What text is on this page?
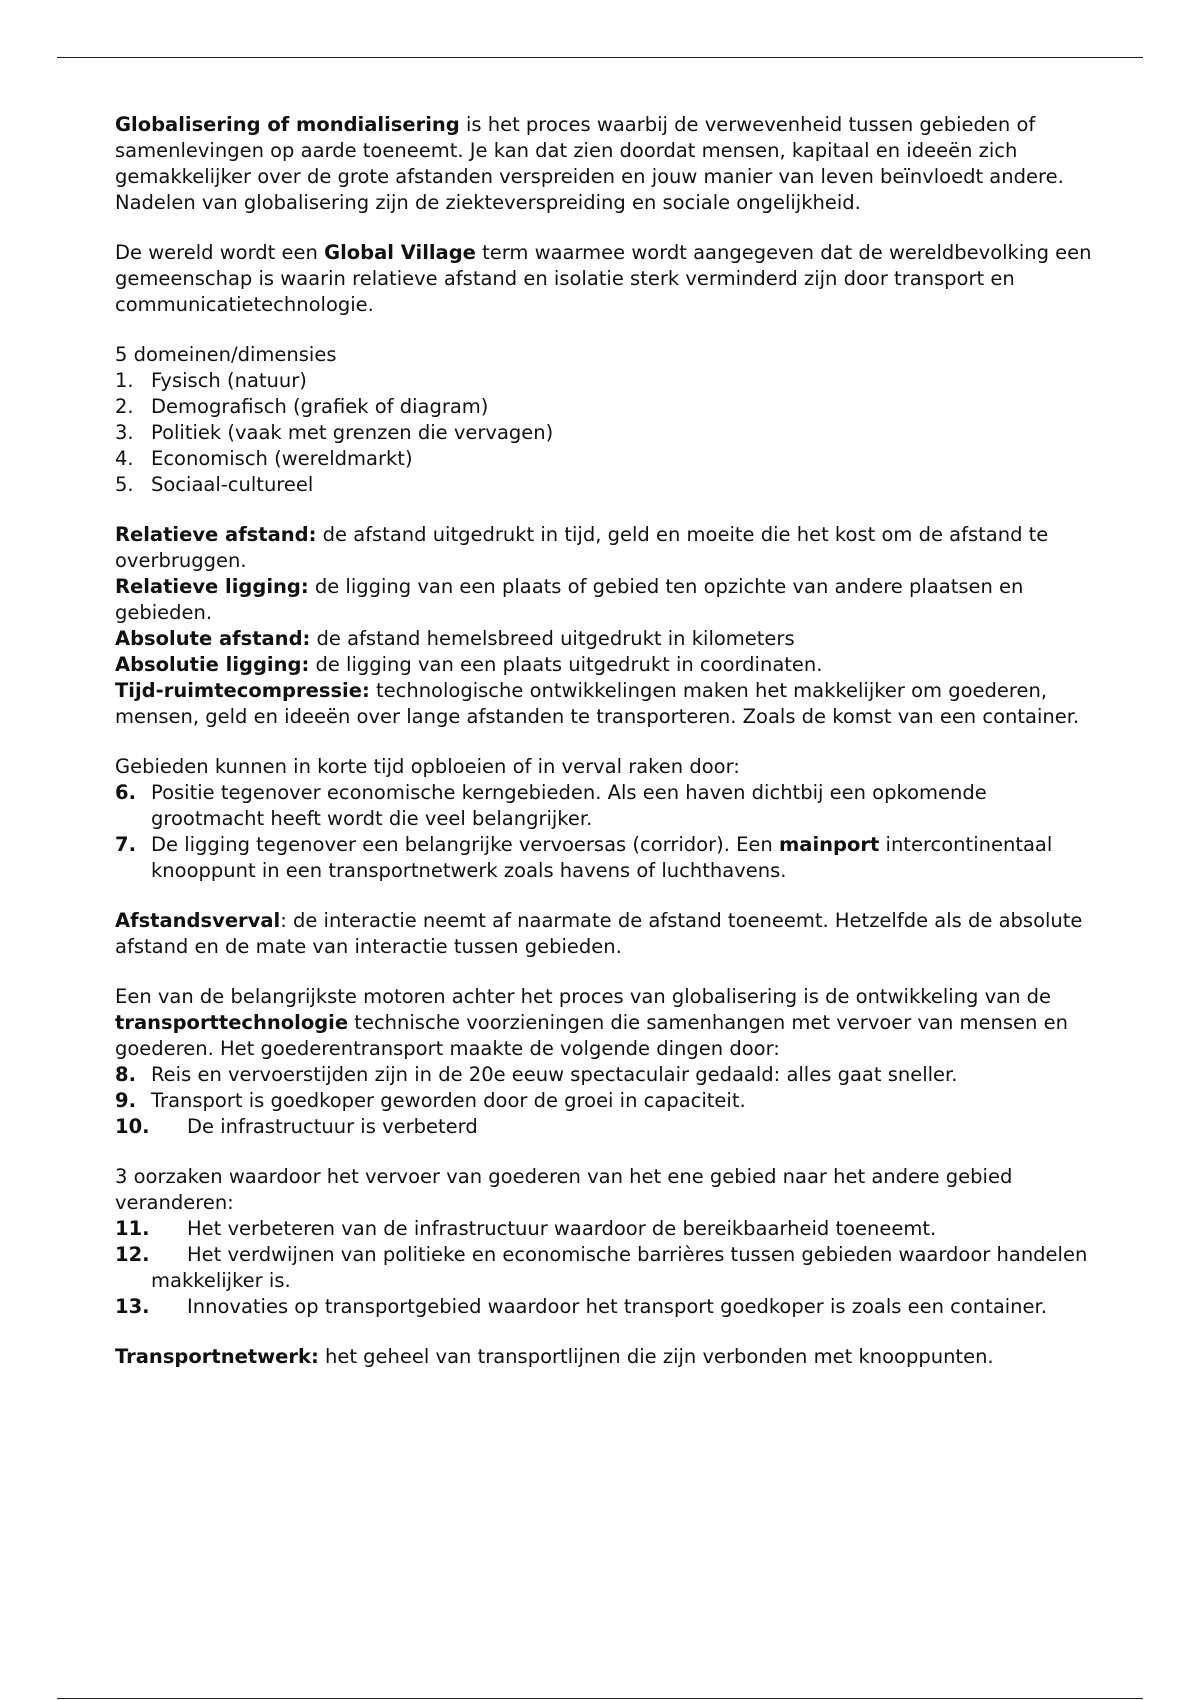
Globalisering of mondialisering is het proces waarbij de verwevenheid tussen gebieden of samenlevingen op aarde toeneemt. Je kan dat zien doordat mensen, kapitaal en ideeën zich gemakkelijker over de grote afstanden verspreiden en jouw manier van leven beïnvloedt andere. Nadelen van globalisering zijn de ziekteverspreiding en sociale ongelijkheid.

De wereld wordt een Global Village term waarmee wordt aangegeven dat de wereldbevolking een gemeenschap is waarin relatieve afstand en isolatie sterk verminderd zijn door transport en communicatietechnologie.

5 domeinen/dimensies

1. Fysisch (natuur)
2. Demografisch (grafiek of diagram)
3. Politiek (vaak met grenzen die vervagen)
4. Economisch (wereldmarkt)
5. Sociaal-cultureel

Relatieve afstand: de afstand uitgedrukt in tijd, geld en moeite die het kost om de afstand te overbruggen.

Relatieve ligging: de ligging van een plaats of gebied ten opzichte van andere plaatsen en gebieden.

Absolute afstand: de afstand hemelsbreed uitgedrukt in kilometers

Absolutie ligging: de ligging van een plaats uitgedrukt in coordinaten.

Tijd-ruimtecompressie: technologische ontwikkelingen maken het makkelijker om goederen, mensen, geld en ideeën over lange afstanden te transporteren. Zoals de komst van een container.

Gebieden kunnen in korte tijd opbloeien of in verval raken door:

6. Positie tegenover economische kerngebieden. Als een haven dichtbij een opkomende grootmacht heeft wordt die veel belangrijker.
7. De ligging tegenover een belangrijke vervoersas (corridor). Een mainport intercontinentaal knooppunt in een transportnetwerk zoals havens of luchthavens.

Afstandsverval: de interactie neemt af naarmate de afstand toeneemt. Hetzelfde als de absolute afstand en de mate van interactie tussen gebieden.

Een van de belangrijkste motoren achter het proces van globalisering is de ontwikkeling van de transporttechnologie technische voorzieningen die samenhangen met vervoer van mensen en goederen. Het goederentransport maakte de volgende dingen door:

8. Reis en vervoerstijden zijn in de 20e eeuw spectaculair gedaald: alles gaat sneller.
9. Transport is goedkoper geworden door de groei in capaciteit.
10.	De infrastructuur is verbeterd

3 oorzaken waardoor het vervoer van goederen van het ene gebied naar het andere gebied veranderen:

11.	Het verbeteren van de infrastructuur waardoor de bereikbaarheid toeneemt.
12.	Het verdwijnen van politieke en economische barrières tussen gebieden waardoor handelen makkelijker is.
13.	Innovaties op transportgebied waardoor het transport goedkoper is zoals een container.

Transportnetwerk: het geheel van transportlijnen die zijn verbonden met knooppunten.
